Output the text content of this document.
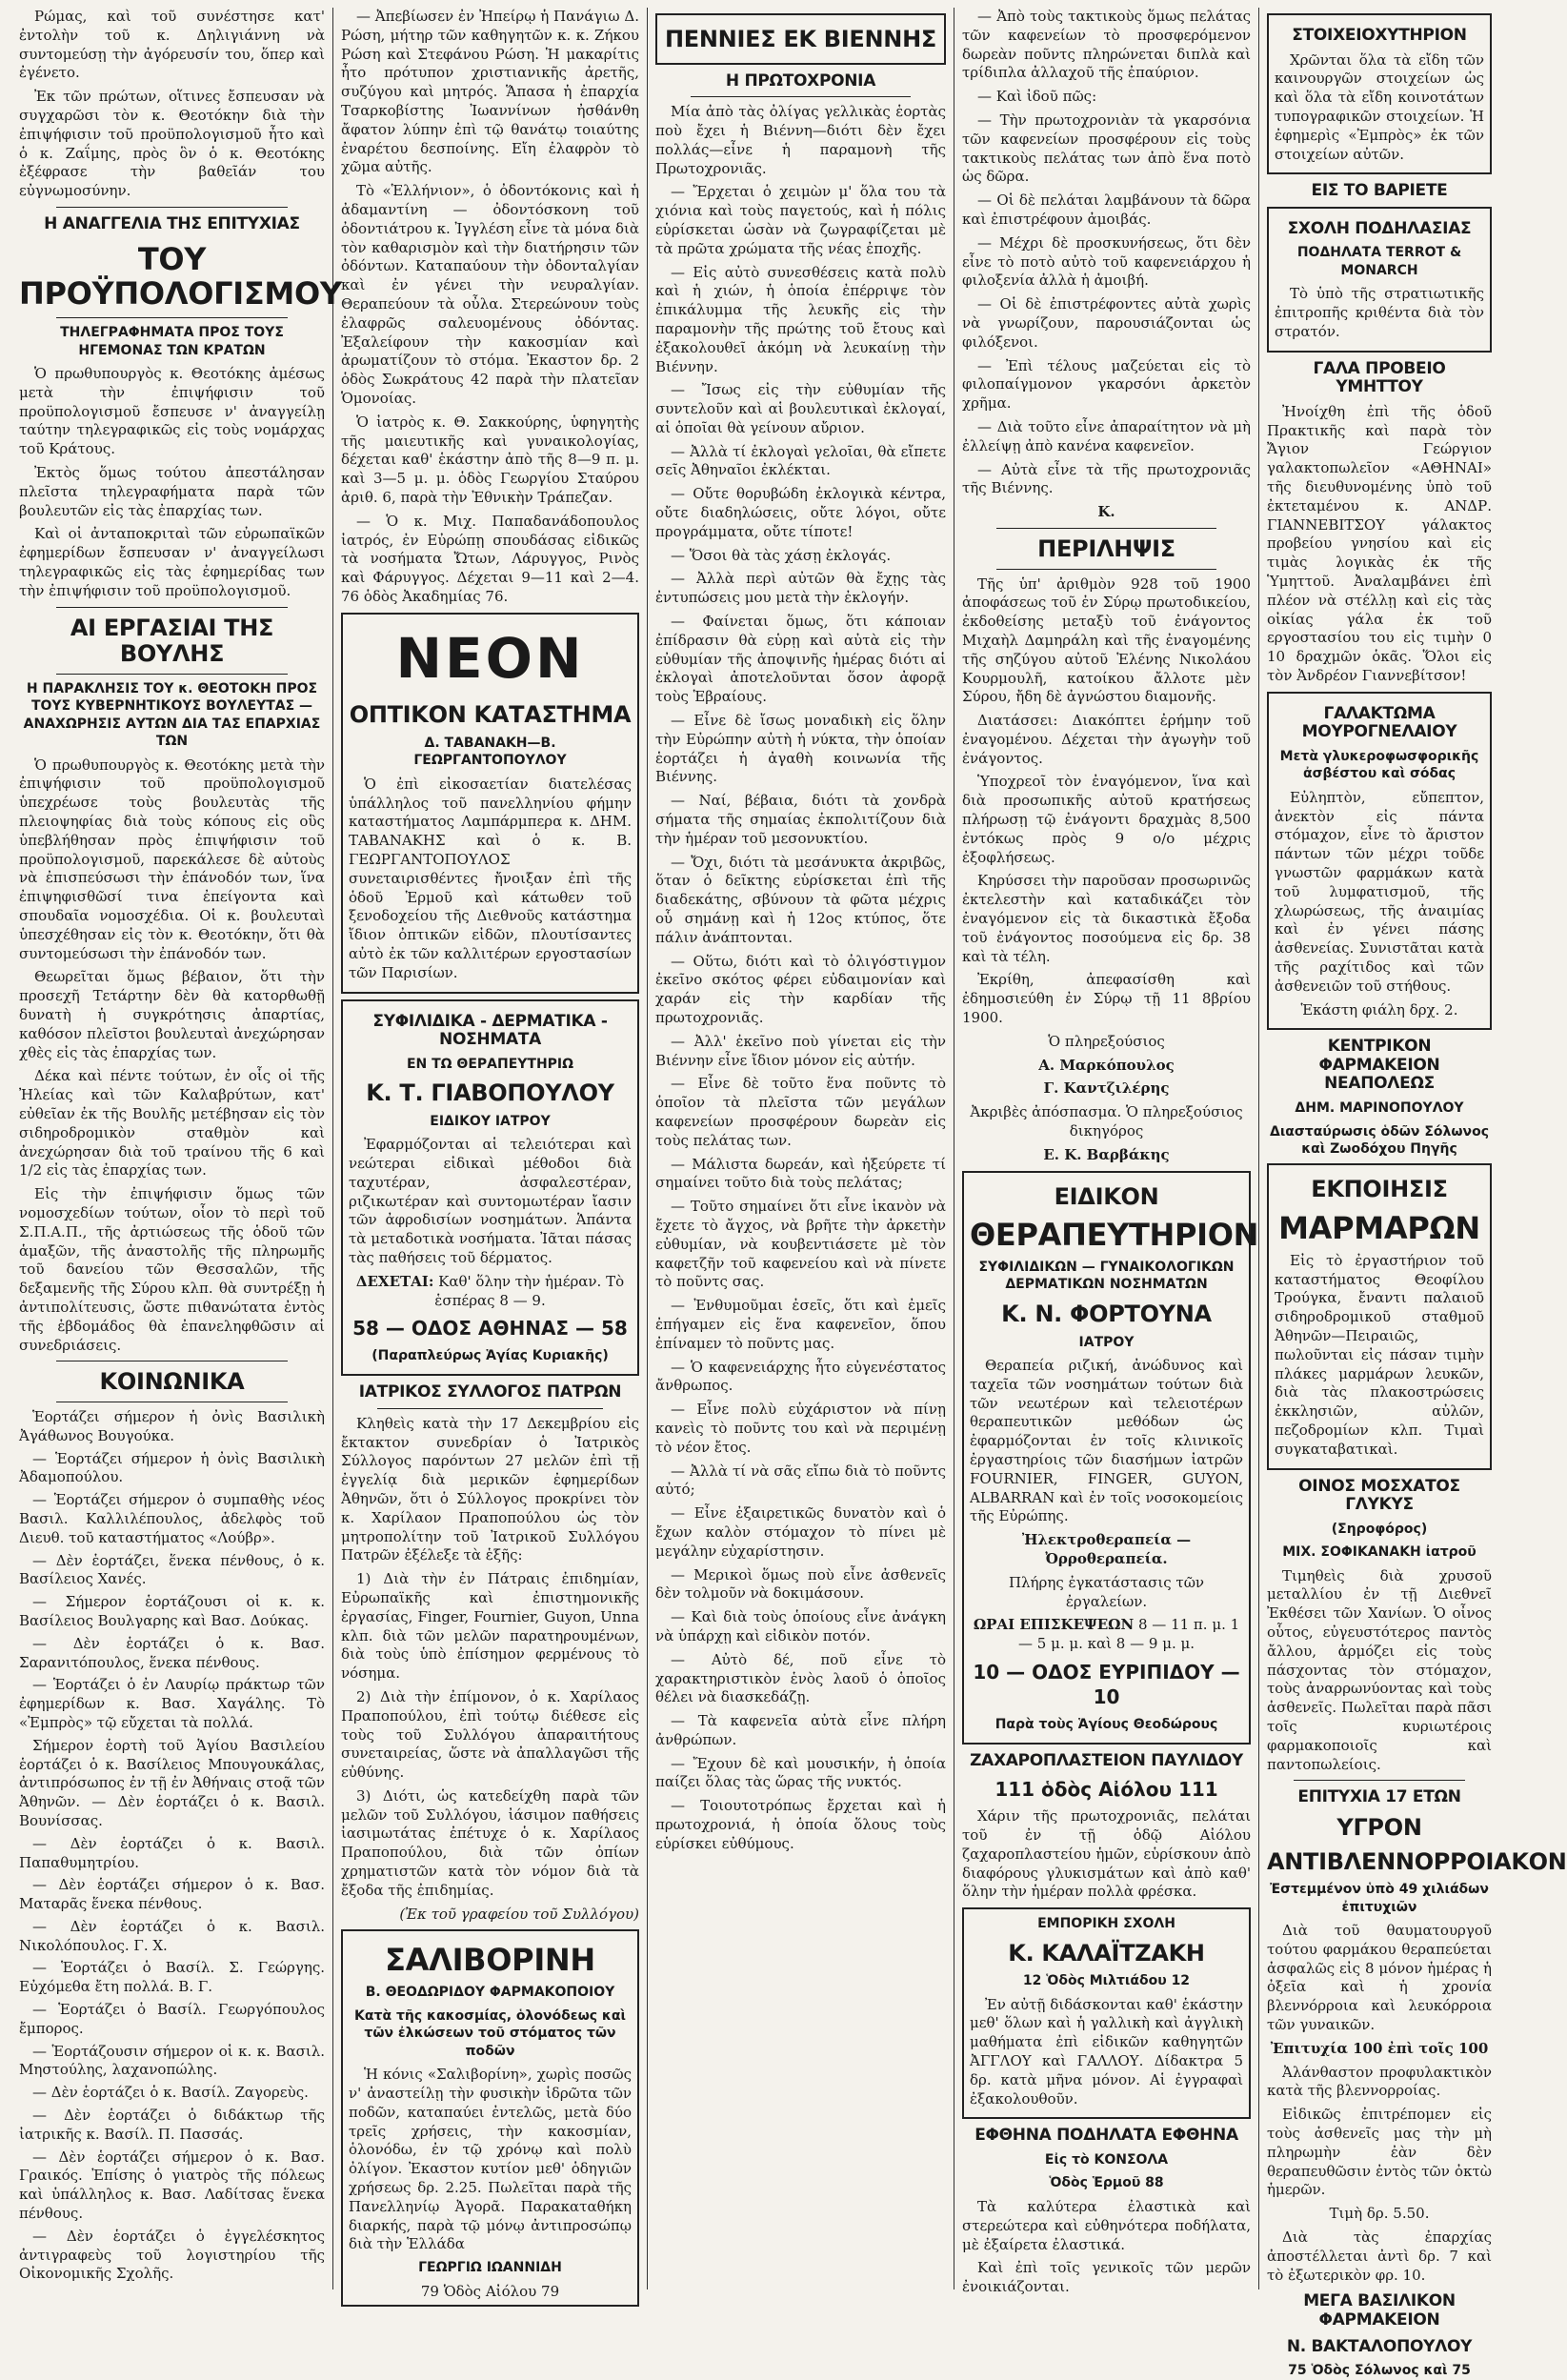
Ρώμας, καὶ τοῦ συνέστησε κατ' ἐντολὴν τοῦ κ. Δηλιγιάννη νὰ συντομεύσῃ τὴν ἀγόρευσίν του, ὅπερ καὶ ἐγένετο.

Ἐκ τῶν πρώτων, οἵτινες ἔσπευσαν νὰ συγχαρῶσι τὸν κ. Θεοτόκην διὰ τὴν ἐπιψήφισιν τοῦ προϋπολογισμοῦ ἦτο καὶ ὁ κ. Ζαΐμης, πρὸς ὃν ὁ κ. Θεοτόκης ἐξέφρασε τὴν βαθεῖάν του εὐγνωμοσύνην.

Η ΑΝΑΓΓΕΛΙΑ ΤΗΣ ΕΠΙΤΥΧΙΑΣ
ΤΟΥ ΠΡΟΫΠΟΛΟΓΙΣΜΟΥ
ΤΗΛΕΓΡΑΦΗΜΑΤΑ ΠΡΟΣ ΤΟΥΣ ΗΓΕΜΟΝΑΣ ΤΩΝ ΚΡΑΤΩΝ

Ὁ πρωθυπουργὸς κ. Θεοτόκης ἀμέσως μετὰ τὴν ἐπιψήφισιν τοῦ προϋπολογισμοῦ ἔσπευσε ν' ἀναγγείλῃ ταύτην τηλεγραφικῶς εἰς τοὺς νομάρχας τοῦ Κράτους.

Ἐκτὸς ὅμως τούτου ἀπεστάλησαν πλεῖστα τηλεγραφήματα παρὰ τῶν βουλευτῶν εἰς τὰς ἐπαρχίας των.

Καὶ οἱ ἀνταποκριταὶ τῶν εὐρωπαϊκῶν ἐφημερίδων ἔσπευσαν ν' ἀναγγείλωσι τηλεγραφικῶς εἰς τὰς ἐφημερίδας των τὴν ἐπιψήφισιν τοῦ προϋπολογισμοῦ.

ΑΙ ΕΡΓΑΣΙΑΙ ΤΗΣ ΒΟΥΛΗΣ
Η ΠΑΡΑΚΛΗΣΙΣ ΤΟΥ κ. ΘΕΟΤΟΚΗ ΠΡΟΣ ΤΟΥΣ ΚΥΒΕΡΝΗΤΙΚΟΥΣ ΒΟΥΛΕΥΤΑΣ — ΑΝΑΧΩΡΗΣΙΣ ΑΥΤΩΝ ΔΙΑ ΤΑΣ ΕΠΑΡΧΙΑΣ ΤΩΝ

Ὁ πρωθυπουργὸς κ. Θεοτόκης μετὰ τὴν ἐπιψήφισιν τοῦ προϋπολογισμοῦ ὑπεχρέωσε τοὺς βουλευτὰς τῆς πλειοψηφίας διὰ τοὺς κόπους εἰς οὓς ὑπεβλήθησαν πρὸς ἐπιψήφισιν τοῦ προϋπολογισμοῦ, παρεκάλεσε δὲ αὐτοὺς νὰ ἐπισπεύσωσι τὴν ἐπάνοδόν των, ἵνα ἐπιψηφισθῶσί τινα ἐπείγοντα καὶ σπουδαῖα νομοσχέδια. Οἱ κ. βουλευταὶ ὑπεσχέθησαν εἰς τὸν κ. Θεοτόκην, ὅτι θὰ συντομεύσωσι τὴν ἐπάνοδόν των.

Θεωρεῖται ὅμως βέβαιον, ὅτι τὴν προσεχῆ Τετάρτην δὲν θὰ κατορθωθῇ δυνατὴ ἡ συγκρότησις ἀπαρτίας, καθόσον πλεῖστοι βουλευταὶ ἀνεχώρησαν χθὲς εἰς τὰς ἐπαρχίας των.

Δέκα καὶ πέντε τούτων, ἐν οἷς οἱ τῆς Ἠλείας καὶ τῶν Καλαβρύτων, κατ' εὐθεῖαν ἐκ τῆς Βουλῆς μετέβησαν εἰς τὸν σιδηροδρομικὸν σταθμὸν καὶ ἀνεχώρησαν διὰ τοῦ τραίνου τῆς 6 καὶ 1/2 εἰς τὰς ἐπαρχίας των.

Εἰς τὴν ἐπιψήφισιν ὅμως τῶν νομοσχεδίων τούτων, οἷον τὸ περὶ τοῦ Σ.Π.Α.Π., τῆς ἀρτιώσεως τῆς ὁδοῦ τῶν ἁμαξῶν, τῆς ἀναστολῆς τῆς πληρωμῆς τοῦ δανείου τῶν Θεσσαλῶν, τῆς δεξαμενῆς τῆς Σύρου κλπ. θὰ συντρέξῃ ἡ ἀντιπολίτευσις, ὥστε πιθανώτατα ἐντὸς τῆς ἑβδομάδος θὰ ἐπανεληφθῶσιν αἱ συνεδριάσεις.

ΚΟΙΝΩΝΙΚΑ
Ἑορτάζει σήμερον ἡ ὀνὶς Βασιλικὴ Ἀγάθωνος Βουγούκα.
— Ἑορτάζει σήμερον ἡ ὀνὶς Βασιλικὴ Ἀδαμοπούλου.
— Ἑορτάζει σήμερον ὁ συμπαθὴς νέος Βασιλ. Καλλιλέπουλος, ἀδελφὸς τοῦ Διευθ. τοῦ καταστήματος «Λούβρ».
— Δὲν ἑορτάζει, ἕνεκα πένθους, ὁ κ. Βασίλειος Χανές.
— Σήμερον ἑορτάζουσι οἱ κ. κ. Βασίλειος Βουλγαρης καὶ Βασ. Δούκας.
— Δὲν ἑορτάζει ὁ κ. Βασ. Σαρανιτόπουλος, ἕνεκα πένθους.
— Ἑορτάζει ὁ ἐν Λαυρίῳ πράκτωρ τῶν ἐφημερίδων κ. Βασ. Χαγάλης. Τὸ «Ἐμπρὸς» τῷ εὔχεται τὰ πολλά.
Σήμερον ἑορτὴ τοῦ Ἁγίου Βασιλείου ἑορτάζει ὁ κ. Βασίλειος Μπουγουκάλας, ἀντιπρόσωπος ἐν τῇ ἐν Ἀθήναις στοᾷ τῶν Ἀθηνῶν. — Δὲν ἑορτάζει ὁ κ. Βασιλ. Βουνίσσας.
— Δὲν ἑορτάζει ὁ κ. Βασιλ. Παπαθυμητρίου.
— Δὲν ἑορτάζει σήμερον ὁ κ. Βασ. Ματαρᾶς ἕνεκα πένθους.
— Δὲν ἑορτάζει ὁ κ. Βασιλ. Νικολόπουλος. Γ. Χ.
— Ἑορτάζει ὁ Βασίλ. Σ. Γεώργης. Εὐχόμεθα ἔτη πολλά. Β. Γ.
— Ἑορτάζει ὁ Βασίλ. Γεωργόπουλος ἔμπορος.
— Ἑορτάζουσιν σήμερον οἱ κ. κ. Βασιλ. Μηστούλης, λαχανοπώλης.
— Δὲν ἑορτάζει ὁ κ. Βασίλ. Ζαγορεὺς.
— Δὲν ἑορτάζει ὁ διδάκτωρ τῆς ἰατρικῆς κ. Βασίλ. Π. Πασσάς.
— Δὲν ἑορτάζει σήμερον ὁ κ. Βασ. Γραικός. Ἐπίσης ὁ γιατρὸς τῆς πόλεως καὶ ὑπάλληλος κ. Βασ. Λαδίτσας ἕνεκα πένθους.
— Δὲν ἑορτάζει ὁ ἐγγελέσκητος ἀντιγραφεὺς τοῦ λογιστηρίου τῆς Οἰκονομικῆς Σχολῆς.

— Ἀπεβίωσεν ἐν Ἠπείρῳ ἡ Πανάγιω Δ. Ρώση, μήτηρ τῶν καθηγητῶν κ. κ. Ζήκου Ρώση καὶ Στεφάνου Ρώση. Ἡ μακαρίτις ἦτο πρότυπον χριστιανικῆς ἀρετῆς, συζύγου καὶ μητρός. Ἅπασα ἡ ἐπαρχία Τσαρκοβίστης Ἰωαννίνων ἠσθάνθη ἄφατον λύπην ἐπὶ τῷ θανάτῳ τοιαύτης ἐναρέτου δεσποίνης. Εἴη ἐλαφρὸν τὸ χῶμα αὐτῆς.

Τὸ «Ἑλλήνιον», ὁ ὀδοντόκονις καὶ ἡ ἀδαμαντίνη — ὀδοντόσκονη τοῦ ὀδοντιάτρου κ. Ἰγγλέση εἶνε τὰ μόνα διὰ τὸν καθαρισμὸν καὶ τὴν διατήρησιν τῶν ὀδόντων. Καταπαύουν τὴν ὀδονταλγίαν καὶ ἐν γένει τὴν νευραλγίαν. Θεραπεύουν τὰ οὖλα. Στερεώνουν τοὺς ἐλαφρῶς σαλευομένους ὀδόντας. Ἐξαλείφουν τὴν κακοσμίαν καὶ ἀρωματίζουν τὸ στόμα. Ἐκαστον δρ. 2 ὁδὸς Σωκράτους 42 παρὰ τὴν πλατεῖαν Ὁμονοίας.

Ὁ ἰατρὸς κ. Θ. Σακκούρης, ὑφηγητὴς τῆς μαιευτικῆς καὶ γυναικολογίας, δέχεται καθ' ἑκάστην ἀπὸ τῆς 8—9 π. μ. καὶ 3—5 μ. μ. ὁδὸς Γεωργίου Σταύρου ἀριθ. 6, παρὰ τὴν Ἐθνικὴν Τράπεζαν.

— Ὁ κ. Μιχ. Παπαδανάδοπουλος ἰατρός, ἐν Εὐρώπῃ σπουδάσας εἰδικῶς τὰ νοσήματα Ὤτων, Λάρυγγος, Ρινὸς καὶ Φάρυγγος. Δέχεται 9—11 καὶ 2—4. 76 ὁδὸς Ἀκαδημίας 76.

ΝΕΟΝ
ΟΠΤΙΚΟΝ ΚΑΤΑΣΤΗΜΑ
Δ. ΤΑΒΑΝΑΚΗ—Β. ΓΕΩΡΓΑΝΤΟΠΟΥΛΟΥ

Ὁ ἐπὶ εἰκοσαετίαν διατελέσας ὑπάλληλος τοῦ πανελληνίου φήμην καταστήματος Λαμπάρμπερα κ. ΔΗΜ. ΤΑΒΑΝΑΚΗΣ καὶ ὁ κ. Β. ΓΕΩΡΓΑΝΤΟΠΟΥΛΟΣ συνεταιρισθέντες ἤνοιξαν ἐπὶ τῆς ὁδοῦ Ἑρμοῦ καὶ κάτωθεν τοῦ ξενοδοχείου τῆς Διεθνοῦς κατάστημα ἴδιον ὀπτικῶν εἰδῶν, πλουτίσαντες αὐτὸ ἐκ τῶν καλλιτέρων εργοστασίων τῶν Παρισίων.

ΣΥΦΙΛΙΔΙΚΑ - ΔΕΡΜΑΤΙΚΑ - ΝΟΣΗΜΑΤΑ
ΕΝ ΤΩ ΘΕΡΑΠΕΥΤΗΡΙΩ
Κ. Τ. ΓΙΑΒΟΠΟΥΛΟΥ
ΕΙΔΙΚΟΥ ΙΑΤΡΟΥ

Ἐφαρμόζονται αἱ τελειότεραι καὶ νεώτεραι εἰδικαὶ μέθοδοι διὰ ταχυτέραν, ἀσφαλεστέραν, ριζικωτέραν καὶ συντομωτέραν ἴασιν τῶν ἀφροδισίων νοσημάτων. Ἁπάντα τὰ μεταδοτικὰ νοσήματα. Ἰᾶται πάσας τὰς παθήσεις τοῦ δέρματος.

ΔΕΧΕΤΑΙ: Καθ' ὅλην τὴν ἡμέραν. Τὸ ἑσπέρας 8 — 9.

58 — ΟΔΟΣ ΑΘΗΝΑΣ — 58
(Παραπλεύρως Ἁγίας Κυριακῆς)
ΙΑΤΡΙΚΟΣ ΣΥΛΛΟΓΟΣ ΠΑΤΡΩΝ

Κληθεὶς κατὰ τὴν 17 Δεκεμβρίου εἰς ἔκτακτον συνεδρίαν ὁ Ἰατρικὸς Σύλλογος παρόντων 27 μελῶν ἐπὶ τῇ ἐγγελίᾳ διὰ μερικῶν ἐφημερίδων Ἀθηνῶν, ὅτι ὁ Σύλλογος προκρίνει τὸν κ. Χαρίλαον Πραποπούλου ὡς τὸν μητροπολίτην τοῦ Ἰατρικοῦ Συλλόγου Πατρῶν ἐξέλεξε τὰ ἑξῆς:

1) Διὰ τὴν ἐν Πάτραις ἐπιδημίαν, Εὐρωπαϊκῆς καὶ ἐπιστημονικῆς ἐργασίας, Finger, Fournier, Guyon, Unna κλπ. διὰ τῶν μελῶν παρατηρουμένων, διὰ τοὺς ὑπὸ ἐπίσημον φερμένους τὸ νόσημα.

2) Διὰ τὴν ἐπίμονον, ὁ κ. Χαρίλαος Πραποπούλου, ἐπὶ τούτῳ διέθεσε εἰς τοὺς τοῦ Συλλόγου ἀπαραιτήτους συνεταιρείας, ὥστε νὰ ἀπαλλαγῶσι τῆς εὐθύνης.

3) Διότι, ὡς κατεδείχθη παρὰ τῶν μελῶν τοῦ Συλλόγου, ἰάσιμον παθήσεις ἰασιμωτάτας ἐπέτυχε ὁ κ. Χαρίλαος Πραποπούλου, διὰ τῶν ὀπίων χρηματιστῶν κατὰ τὸν νόμον διὰ τὰ ἔξοδα τῆς ἐπιδημίας.

(Ἐκ τοῦ γραφείου τοῦ Συλλόγου)

ΣΑΛΙΒΟΡΙΝΗ
Β. ΘΕΟΔΩΡΙΔΟΥ ΦΑΡΜΑΚΟΠΟΙΟΥ
Κατὰ τῆς κακοσμίας, ὁλονόδεως καὶ τῶν ἐλκώσεων τοῦ στόματος τῶν ποδῶν

Ἡ κόνις «Σαλιβορίνη», χωρὶς ποσῶς ν' ἀναστείλῃ τὴν φυσικὴν ἱδρῶτα τῶν ποδῶν, καταπαύει ἐντελῶς, μετὰ δύο τρεῖς χρήσεις, τὴν κακοσμίαν, ὁλονόδω, ἐν τῷ χρόνῳ καὶ πολὺ ὀλίγον. Ἐκαστον κυτίον μεθ' ὁδηγιῶν χρήσεως δρ. 2.25. Πωλεῖται παρὰ τῆς Πανελληνίῳ Ἀγορᾶ. Παρακαταθήκη διαρκής, παρὰ τῷ μόνῳ ἀντιπροσώπῳ διὰ τὴν Ἑλλάδα

ΓΕΩΡΓΙΩ ΙΩΑΝΝΙΔΗ
79 Ὁδὸς Αἰόλου 79
ΠΕΝΝΙΕΣ ΕΚ ΒΙΕΝΝΗΣ
Η ΠΡΩΤΟΧΡΟΝΙΑ

Μία ἀπὸ τὰς ὀλίγας γελλικὰς ἑορτὰς ποὺ ἔχει ἡ Βιέννη—διότι δὲν ἔχει πολλάς—εἶνε ἡ παραμονὴ τῆς Πρωτοχρονιᾶς.

— Ἔρχεται ὁ χειμὼν μ' ὅλα του τὰ χιόνια καὶ τοὺς παγετούς, καὶ ἡ πόλις εὑρίσκεται ὡσὰν νὰ ζωγραφίζεται μὲ τὰ πρῶτα χρώματα τῆς νέας ἐποχῆς.

— Εἰς αὐτὸ συνεσθέσεις κατὰ πολὺ καὶ ἡ χιών, ἡ ὁποία ἐπέρριψε τὸν ἐπικάλυμμα τῆς λευκῆς εἰς τὴν παραμονὴν τῆς πρώτης τοῦ ἔτους καὶ ἐξακολουθεῖ ἀκόμη νὰ λευκαίνῃ τὴν Βιέννην.

— Ἴσως εἰς τὴν εὐθυμίαν τῆς συντελοῦν καὶ αἱ βουλευτικαὶ ἐκλογαί, αἱ ὁποῖαι θὰ γείνουν αὔριον.

— Ἀλλὰ τί ἐκλογαὶ γελοῖαι, θὰ εἴπετε σεῖς Ἀθηναῖοι ἐκλέκται.

— Οὔτε θορυβώδη ἐκλογικὰ κέντρα, οὔτε διαδηλώσεις, οὔτε λόγοι, οὔτε προγράμματα, οὔτε τίποτε!

— Ὅσοι θὰ τὰς χάσῃ ἐκλογάς.

— Ἀλλὰ περὶ αὐτῶν θὰ ἔχῃς τὰς ἐντυπώσεις μου μετὰ τὴν ἐκλογήν.

— Φαίνεται ὅμως, ὅτι κάποιαν ἐπίδρασιν θὰ εὑρῃ καὶ αὐτὰ εἰς τὴν εὐθυμίαν τῆς ἀποψινῆς ἡμέρας διότι αἱ ἐκλογαὶ ἀποτελοῦνται ὅσον ἀφορᾷ τοὺς Ἑβραίους.

— Εἶνε δὲ ἴσως μοναδικὴ εἰς ὅλην τὴν Εὐρώπην αὐτὴ ἡ νύκτα, τὴν ὁποίαν ἑορτάζει ἡ ἀγαθὴ κοινωνία τῆς Βιέννης.

— Ναί, βέβαια, διότι τὰ χονδρὰ σήματα τῆς σημαίας ἐκπολιτίζουν διὰ τὴν ἡμέραν τοῦ μεσονυκτίου.

— Ὄχι, διότι τὰ μεσάνυκτα ἀκριβῶς, ὅταν ὁ δεῖκτης εὑρίσκεται ἐπὶ τῆς διαδεκάτης, σβύνουν τὰ φῶτα μέχρις οὗ σημάνῃ καὶ ἡ 12ος κτύπος, ὅτε πάλιν ἀνάπτονται.

— Οὕτω, διότι καὶ τὸ ὀλιγόστιγμον ἐκεῖνο σκότος φέρει εὐδαιμονίαν καὶ χαράν εἰς τὴν καρδίαν τῆς πρωτοχρονιᾶς.

— Ἀλλ' ἐκεῖνο ποὺ γίνεται εἰς τὴν Βιέννην εἶνε ἴδιον μόνον εἰς αὐτήν.

— Εἶνε δὲ τοῦτο ἕνα ποῦντς τὸ ὁποῖον τὰ πλεῖστα τῶν μεγάλων καφενείων προσφέρουν δωρεὰν εἰς τοὺς πελάτας των.

— Μάλιστα δωρεάν, καὶ ἠξεύρετε τί σημαίνει τοῦτο διὰ τοὺς πελάτας;

— Τοῦτο σημαίνει ὅτι εἶνε ἱκανὸν νὰ ἔχετε τὸ ἄγχος, νὰ βρῆτε τὴν ἀρκετὴν εὐθυμίαν, νὰ κουβεντιάσετε μὲ τὸν καφετζῆν τοῦ καφενείου καὶ νὰ πίνετε τὸ ποῦντς σας.

— Ἐνθυμοῦμαι ἐσεῖς, ὅτι καὶ ἐμεῖς ἐπήγαμεν εἰς ἕνα καφενεῖον, ὅπου ἐπίναμεν τὸ ποῦντς μας.

— Ὁ καφενειάρχης ἦτο εὐγενέστατος ἄνθρωπος.

— Εἶνε πολὺ εὐχάριστον νὰ πίνῃ κανεὶς τὸ ποῦντς του καὶ νὰ περιμένῃ τὸ νέον ἔτος.

— Ἀλλὰ τί νὰ σᾶς εἴπω διὰ τὸ ποῦντς αὐτό;

— Εἶνε ἐξαιρετικῶς δυνατὸν καὶ ὁ ἔχων καλὸν στόμαχον τὸ πίνει μὲ μεγάλην εὐχαρίστησιν.

— Μερικοὶ ὅμως ποὺ εἶνε ἀσθενεῖς δὲν τολμοῦν νὰ δοκιμάσουν.

— Καὶ διὰ τοὺς ὁποίους εἶνε ἀνάγκη νὰ ὑπάρχῃ καὶ εἰδικὸν ποτόν.

— Αὐτὸ δέ, ποῦ εἶνε τὸ χαρακτηριστικὸν ἑνὸς λαοῦ ὁ ὁποῖος θέλει νὰ διασκεδάζῃ.

— Τὰ καφενεῖα αὐτὰ εἶνε πλήρη ἀνθρώπων.

— Ἔχουν δὲ καὶ μουσικήν, ἡ ὁποία παίζει ὅλας τὰς ὥρας τῆς νυκτός.

— Τοιουτοτρόπως ἔρχεται καὶ ἡ πρωτοχρονιά, ἡ ὁποία ὅλους τοὺς εὑρίσκει εὐθύμους.

— Ἀπὸ τοὺς τακτικοὺς ὅμως πελάτας τῶν καφενείων τὸ προσφερόμενον δωρεὰν ποῦντς πληρώνεται διπλὰ καὶ τρίδιπλα ἀλλαχοῦ τῆς ἐπαύριον.

— Καὶ ἰδοῦ πῶς:

— Τὴν πρωτοχρονιὰν τὰ γκαρσόνια τῶν καφενείων προσφέρουν εἰς τοὺς τακτικοὺς πελάτας των ἀπὸ ἕνα ποτὸ ὡς δῶρα.

— Οἱ δὲ πελάται λαμβάνουν τὰ δῶρα καὶ ἐπιστρέφουν ἀμοιβάς.

— Μέχρι δὲ προσκυνήσεως, ὅτι δὲν εἶνε τὸ ποτὸ αὐτὸ τοῦ καφενειάρχου ἡ φιλοξενία ἀλλὰ ἡ ἀμοιβή.

— Οἱ δὲ ἐπιστρέφοντες αὐτὰ χωρὶς νὰ γνωρίζουν, παρουσιάζονται ὡς φιλόξενοι.

— Ἐπὶ τέλους μαζεύεται εἰς τὸ φιλοπαίγμονον γκαρσόνι ἀρκετὸν χρῆμα.

— Διὰ τοῦτο εἶνε ἀπαραίτητον νὰ μὴ ἐλλείψῃ ἀπὸ κανένα καφενεῖον.

— Αὐτὰ εἶνε τὰ τῆς πρωτοχρονιᾶς τῆς Βιέννης.

Κ.

ΠΕΡΙΛΗΨΙΣ

Τῆς ὑπ' ἀριθμὸν 928 τοῦ 1900 ἀποφάσεως τοῦ ἐν Σύρῳ πρωτοδικείου, ἐκδοθείσης μεταξὺ τοῦ ἐνάγοντος Μιχαὴλ Δαμηράλη καὶ τῆς ἐναγομένης τῆς σηζύγου αὐτοῦ Ἑλένης Νικολάου Κουρμουλῆ, κατοίκου ἄλλοτε μὲν Σύρου, ἤδη δὲ ἀγνώστου διαμονῆς.

Διατάσσει: Διακόπτει ἐρήμην τοῦ ἐναγομένου. Δέχεται τὴν ἀγωγὴν τοῦ ἐνάγοντος.

Ὑποχρεοῖ τὸν ἐναγόμενον, ἵνα καὶ διὰ προσωπικῆς αὐτοῦ κρατήσεως πλήρωσῃ τῷ ἐνάγοντι δραχμὰς 8,500 ἐντόκως πρὸς 9 ο/ο μέχρις ἐξοφλήσεως.

Κηρύσσει τὴν παροῦσαν προσωρινῶς ἐκτελεστὴν καὶ καταδικάζει τὸν ἐναγόμενον εἰς τὰ δικαστικὰ ἔξοδα τοῦ ἐνάγοντος ποσούμενα εἰς δρ. 38 καὶ τὰ τέλη.

Ἐκρίθη, ἀπεφασίσθη καὶ ἐδημοσιεύθη ἐν Σύρῳ τῇ 11 8βρίου 1900.

Ὁ πληρεξούσιος

Α. Μαρκόπουλος

Γ. Καντζιλέρης

Ἀκριβὲς ἀπόσπασμα. Ὁ πληρεξούσιος δικηγόρος

Ε. Κ. Βαρβάκης

ΕΙΔΙΚΟΝ
ΘΕΡΑΠΕΥΤΗΡΙΟΝ
ΣΥΦΙΛΙΔΙΚΩΝ — ΓΥΝΑΙΚΟΛΟΓΙΚΩΝ ΔΕΡΜΑΤΙΚΩΝ ΝΟΣΗΜΑΤΩΝ
Κ. Ν. ΦΟΡΤΟΥΝΑ
ΙΑΤΡΟΥ

Θεραπεία ριζική, ἀνώδυνος καὶ ταχεῖα τῶν νοσημάτων τούτων διὰ τῶν νεωτέρων καὶ τελειοτέρων θεραπευτικῶν μεθόδων ὡς ἐφαρμόζονται ἐν τοῖς κλινικοῖς ἐργαστηρίοις τῶν διασήμων ἰατρῶν FOURNIER, FINGER, GUYON, ALBARRAN καὶ ἐν τοῖς νοσοκομείοις τῆς Εὐρώπης.

Ἠλεκτροθεραπεία — Ὀρροθεραπεία.

Πλήρης ἐγκατάστασις τῶν ἐργαλείων.

ΩΡΑΙ ΕΠΙΣΚΕΨΕΩΝ 8 — 11 π. μ. 1 — 5 μ. μ. καὶ 8 — 9 μ. μ.

10 — ΟΔΟΣ ΕΥΡΙΠΙΔΟΥ — 10
Παρὰ τοὺς Ἁγίους Θεοδώρους
ΖΑΧΑΡΟΠΛΑΣΤΕΙΟΝ ΠΑΥΛΙΔΟΥ
111 ὁδὸς Αἰόλου 111

Χάριν τῆς πρωτοχρονιᾶς, πελάται τοῦ ἐν τῇ ὁδῷ Αἰόλου ζαχαροπλαστείου ἡμῶν, εὑρίσκουν ἀπὸ διαφόρους γλυκισμάτων καὶ ἀπὸ καθ' ὅλην τὴν ἡμέραν πολλὰ φρέσκα.

ΕΜΠΟΡΙΚΗ ΣΧΟΛΗ
Κ. ΚΑΛΑΪΤΖΑΚΗ
12 Ὁδὸς Μιλτιάδου 12

Ἐν αὐτῇ διδάσκονται καθ' ἑκάστην μεθ' ὅλων καὶ ἡ γαλλικὴ καὶ ἀγγλικὴ μαθήματα ἐπὶ εἰδικῶν καθηγητῶν ἈΓΓΛΟΥ καὶ ΓΑΛΛΟΥ. Δίδακτρα 5 δρ. κατὰ μῆνα μόνον. Αἱ ἐγγραφαὶ ἐξακολουθοῦν.

ΕΦΘΗΝΑ ΠΟΔΗΛΑΤΑ ΕΦΘΗΝΑ
Εἰς τὸ ΚΟΝΣΟΛΑ
Ὁδὸς Ἑρμοῦ 88

Τὰ καλύτερα ἐλαστικὰ καὶ στερεώτερα καὶ εὐθηνότερα ποδήλατα, μὲ ἐξαίρετα ἐλαστικά.

Καὶ ἐπὶ τοῖς γενικοῖς τῶν μερῶν ἐνοικιάζονται.

ΣΤΟΙΧΕΙΟΧΥΤΗΡΙΟΝ

Χρῶνται ὅλα τὰ εἴδη τῶν καινουργῶν στοιχείων ὡς καὶ ὅλα τὰ εἴδη κοινοτάτων τυπογραφικῶν στοιχείων. Ἡ ἐφημερὶς «Ἐμπρὸς» ἐκ τῶν στοιχείων αὐτῶν.

ΕΙΣ ΤΟ ΒΑΡΙΕΤΕ
ΣΧΟΛΗ ΠΟΔΗΛΑΣΙΑΣ
ΠΟΔΗΛΑΤΑ TERROT & MONARCH

Τὸ ὑπὸ τῆς στρατιωτικῆς ἐπιτροπῆς κριθέντα διὰ τὸν στρατόν.

ΓΑΛΑ ΠΡΟΒΕΙΟ ΥΜΗΤΤΟΥ

Ἠνοίχθη ἐπὶ τῆς ὁδοῦ Πρακτικῆς καὶ παρὰ τὸν Ἄγιον Γεώργιον γαλακτοπωλεῖον «ΑΘΗΝΑΙ» τῆς διευθυνομένης ὑπὸ τοῦ ἐκτεταμένου κ. ΑΝΔΡ. ΓΙΑΝΝΕΒΙΤΣΟΥ γάλακτος προβείου γνησίου καὶ εἰς τιμὰς λογικὰς ἐκ τῆς Ὑμηττοῦ. Ἀναλαμβάνει ἐπὶ πλέον νὰ στέλλῃ καὶ εἰς τὰς οἰκίας γάλα ἐκ τοῦ εργοστασίου του εἰς τιμὴν 0 10 δραχμῶν ὁκᾶς. Ὅλοι εἰς τὸν Ἀνδρέον Γιαννεβίτσον!

ΓΑΛΑΚΤΩΜΑ ΜΟΥΡΟΓΝΕΛΑΙΟΥ
Μετὰ γλυκεροφωσφορικῆς ἀσβέστου καὶ σόδας

Εὐληπτὸν, εὔπεπτον, ἀνεκτὸν εἰς πάντα στόμαχον, εἶνε τὸ ἄριστον πάντων τῶν μέχρι τοῦδε γνωστῶν φαρμάκων κατὰ τοῦ λυμφατισμοῦ, τῆς χλωρώσεως, τῆς ἀναιμίας καὶ ἐν γένει πάσης ἀσθενείας. Συνιστᾶται κατὰ τῆς ραχίτιδος καὶ τῶν ἀσθενειῶν τοῦ στήθους.

Ἑκάστη φιάλη δρχ. 2.

ΚΕΝΤΡΙΚΟΝ ΦΑΡΜΑΚΕΙΟΝ ΝΕΑΠΟΛΕΩΣ
ΔΗΜ. ΜΑΡΙΝΟΠΟΥΛΟΥ
Διασταύρωσις ὁδῶν Σόλωνος καὶ Ζωοδόχου Πηγῆς
ΕΚΠΟΙΗΣΙΣ
ΜΑΡΜΑΡΩΝ

Εἰς τὸ ἐργαστήριον τοῦ καταστήματος Θεοφίλου Τρούγκα, ἔναντι παλαιοῦ σιδηροδρομικοῦ σταθμοῦ Ἀθηνῶν—Πειραιῶς, πωλοῦνται εἰς πάσαν τιμὴν πλάκες μαρμάρων λευκῶν, διὰ τὰς πλακοστρώσεις ἐκκλησιῶν, αὐλῶν, πεζοδρομίων κλπ. Τιμαὶ συγκαταβατικαὶ.

ΟΙΝΟΣ ΜΟΣΧΑΤΟΣ ΓΛΥΚΥΣ
(Σηροφόρος)
ΜΙΧ. ΣΟΦΙΚΑΝΑΚΗ ἰατροῦ

Τιμηθεὶς διὰ χρυσοῦ μεταλλίου ἐν τῇ Διεθνεῖ Ἐκθέσει τῶν Χανίων. Ὁ οἶνος οὗτος, εὐγευστότερος παντὸς ἄλλου, ἀρμόζει εἰς τοὺς πάσχοντας τὸν στόμαχον, τοὺς ἀναρρωνύοντας καὶ τοὺς ἀσθενεῖς. Πωλεῖται παρὰ πᾶσι τοῖς κυριωτέροις φαρμακοποιοῖς καὶ παντοπωλείοις.

ΕΠΙΤΥΧΙΑ 17 ΕΤΩΝ
ΥΓΡΟΝ
ΑΝΤΙΒΛΕΝΝΟΡΡΟΙΑΚΟΝ
Ἐστεμμένον ὑπὸ 49 χιλιάδων ἐπιτυχιῶν

Διὰ τοῦ θαυματουργοῦ τούτου φαρμάκου θεραπεύεται ἀσφαλῶς εἰς 8 μόνον ἡμέρας ἡ ὀξεῖα καὶ ἡ χρονία βλεννόρροια καὶ λευκόρροια τῶν γυναικῶν.

Ἐπιτυχία 100 ἐπὶ τοῖς 100

Ἀλάνθαστον προφυλακτικὸν κατὰ τῆς βλεννορροίας.

Εἰδικῶς ἐπιτρέπομεν εἰς τοὺς ἀσθενεῖς μας τὴν μὴ πληρωμὴν ἐὰν δὲν θεραπευθῶσιν ἐντὸς τῶν ὀκτὼ ἡμερῶν.

Τιμὴ δρ. 5.50.

Διὰ τὰς ἐπαρχίας ἀποστέλλεται ἀντὶ δρ. 7 καὶ τὸ ἐξωτερικὸν φρ. 10.

ΜΕΓΑ ΒΑΣΙΛΙΚΟΝ ΦΑΡΜΑΚΕΙΟΝ
Ν. ΒΑΚΤΑΛΟΠΟΥΛΟΥ
75 Ὁδὸς Σόλωνος καὶ 75
